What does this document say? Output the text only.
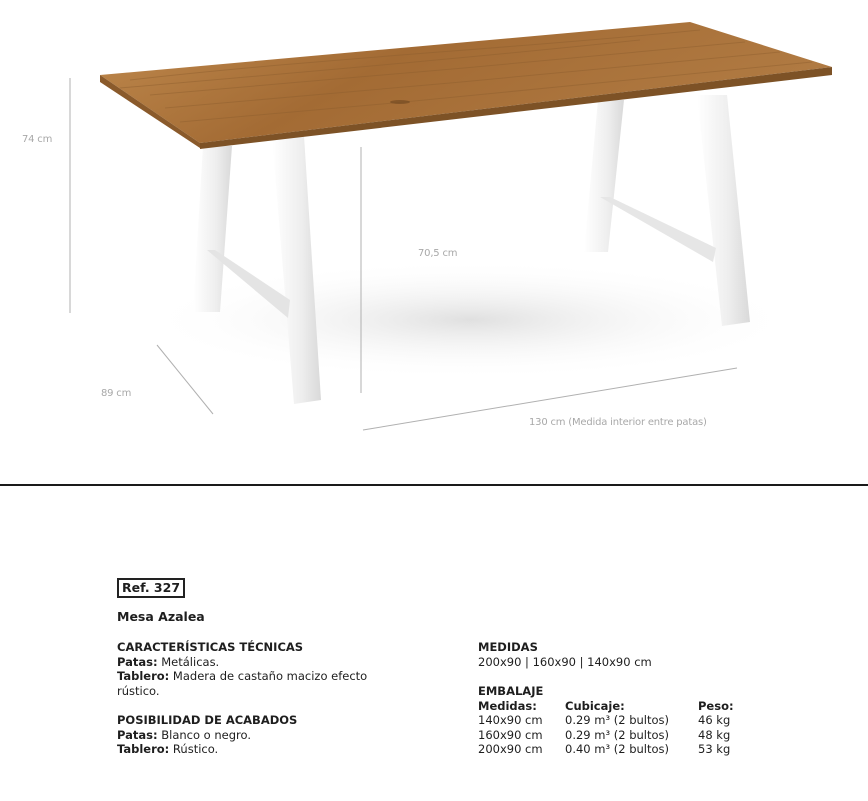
74 cm
70,5 cm
89 cm
130 cm (Medida interior entre patas)
Ref. 327
Mesa Azalea
CARACTERÍSTICAS TÉCNICAS
Patas: Metálicas.
Tablero: Madera de castaño macizo efecto
rústico.
POSIBILIDAD DE ACABADOS
Patas: Blanco o negro.
Tablero: Rústico.
MEDIDAS
200x90 | 160x90 | 140x90 cm
EMBALAJE
Medidas:	Cubicaje:	Peso:
140x90 cm	0.29 m³ (2 bultos)	46 kg
160x90 cm	0.29 m³ (2 bultos)	48 kg
200x90 cm	0.40 m³ (2 bultos)	53 kg
